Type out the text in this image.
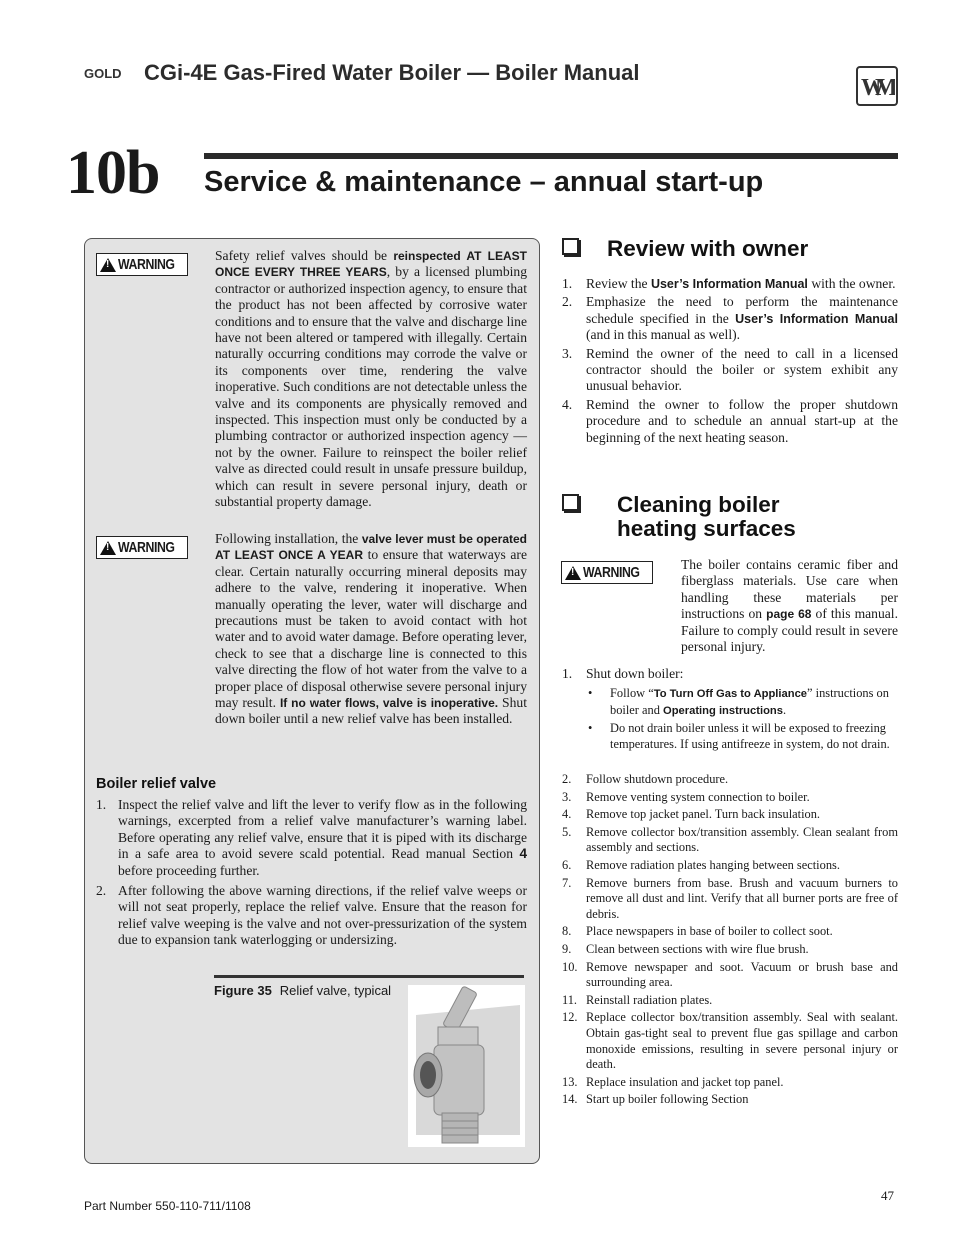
GOLD CGi-4E Gas-Fired Water Boiler — Boiler Manual
W
M
10b Service & maintenance – annual start-up
!
WARNING
Safety relief valves should be reinspected AT LEAST ONCE EVERY THREE YEARS, by a licensed plumbing contractor or authorized inspection agency, to ensure that the product has not been affected by corrosive water conditions and to ensure that the valve and discharge line have not been altered or tampered with illegally. Certain naturally occurring conditions may corrode the valve or its components over time, rendering the valve inoperative. Such conditions are not detectable unless the valve and its components are physically removed and inspected. This inspection must only be conducted by a plumbing contractor or authorized inspection agency — not by the owner. Failure to reinspect the boiler relief valve as directed could result in unsafe pressure buildup, which can result in severe personal injury, death or substantial property damage.
!
WARNING
Following installation, the valve lever must be operated AT LEAST ONCE A YEAR to ensure that waterways are clear. Certain naturally occurring mineral deposits may adhere to the valve, rendering it inoperative. When manually operating the lever, water will discharge and precautions must be taken to avoid contact with hot water and to avoid water damage. Before operating lever, check to see that a discharge line is connected to this valve directing the flow of hot water from the valve to a proper place of disposal otherwise severe personal injury may result. If no water flows, valve is inoperative. Shut down boiler until a new relief valve has been installed.
Boiler relief valve
1. Inspect the relief valve and lift the lever to verify flow as in the following warnings, excerpted from a relief valve manufacturer’s warning label. Before operating any relief valve, ensure that it is piped with its discharge in a safe area to avoid severe scald potential. Read manual Section 4 before proceeding further.
2. After following the above warning directions, if the relief valve weeps or will not seat properly, replace the relief valve. Ensure that the reason for relief valve weeping is the valve and not over-pressurization of the system due to expansion tank waterlogging or undersizing.
Figure 35 Relief valve, typical
Review with owner
1. Review the User’s Information Manual with the owner.
2. Emphasize the need to perform the maintenance schedule specified in the User’s Information Manual (and in this manual as well).
3. Remind the owner of the need to call in a licensed contractor should the boiler or system exhibit any unusual behavior.
4. Remind the owner to follow the proper shutdown procedure and to schedule an annual start-up at the beginning of the next heating season.
Cleaning boiler
heating surfaces
!
WARNING	The boiler contains ceramic fiber and fiberglass materials. Use care when handling these materials per instructions on page 68 of this manual. Failure to comply could result in severe personal injury.
1. Shut down boiler:
• Follow “To Turn Off Gas to Appliance” instructions on boiler and Operating instructions.
• Do not drain boiler unless it will be exposed to freezing temperatures. If using antifreeze in system, do not drain.
2. Follow shutdown procedure.
3. Remove venting system connection to boiler.
4. Remove top jacket panel. Turn back insulation.
5. Remove collector box/transition assembly. Clean sealant from assembly and sections.
6. Remove radiation plates hanging between sections.
7. Remove burners from base. Brush and vacuum burners to remove all dust and lint. Verify that all burner ports are free of debris.
8. Place newspapers in base of boiler to collect soot.
9. Clean between sections with wire flue brush.
10. Remove newspaper and soot. Vacuum or brush base and surrounding area.
11. Reinstall radiation plates.
12. Replace collector box/transition assembly. Seal with sealant. Obtain gas-tight seal to prevent flue gas spillage and carbon monoxide emissions, resulting in severe personal injury or death.
13. Replace insulation and jacket top panel.
14. Start up boiler following Section
Part Number 550-110-711/1108
47
